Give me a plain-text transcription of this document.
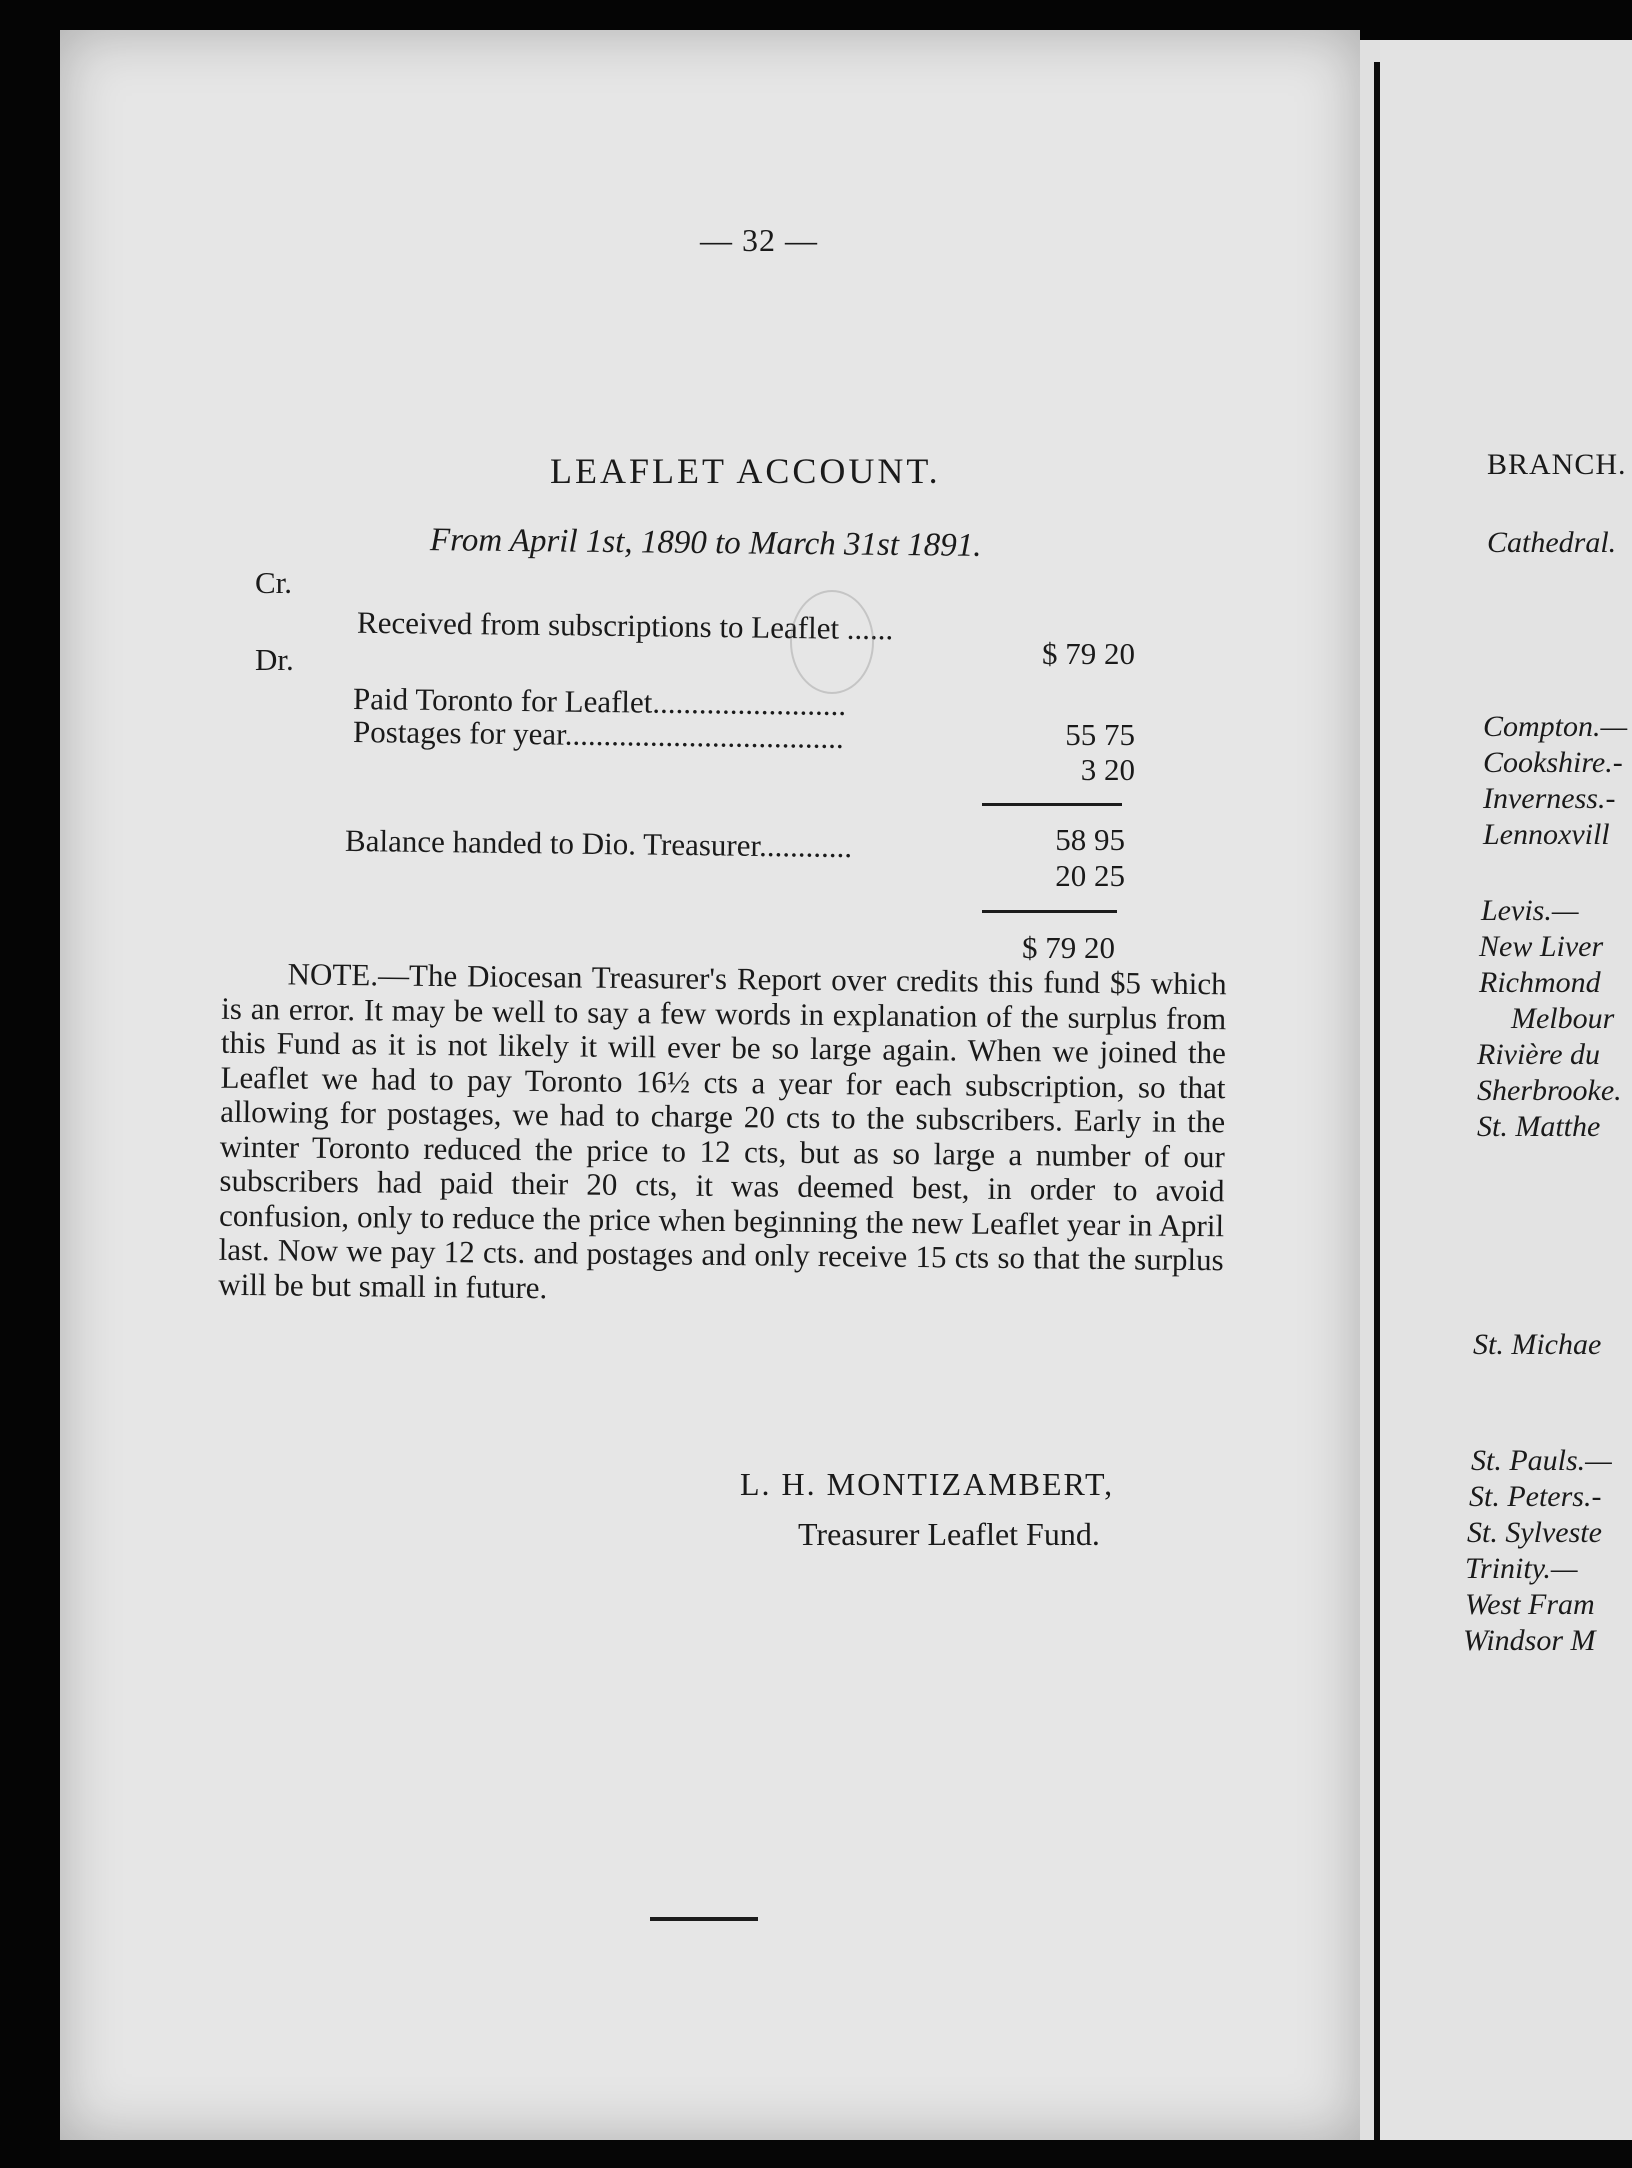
BRANCH.
Cathedral.
Compton.—
Cookshire.-
Inverness.-
Lennoxvill
Levis.—
New Liver
Richmond
Melbour
Rivière du
Sherbrooke.
St. Matthe
St. Michae
St. Pauls.—
St. Peters.-
St. Sylveste
Trinity.—
West Fram
Windsor M
— 32 —
LEAFLET ACCOUNT.
From April 1st, 1890 to March 31st 1891.
Cr.
Dr.
Received from subscriptions to Leaflet ......
Paid Toronto for Leaflet.........................
Postages for year....................................
Balance handed to Dio. Treasurer............
$ 79 20
55 75
3 20
58 95
20 25
$ 79 20
NOTE.—The Diocesan Treasurer's Report over credits this fund $5 which is an error. It may be well to say a few words in explanation of the surplus from this Fund as it is not likely it will ever be so large again. When we joined the Leaflet we had to pay Toronto 16½ cts a year for each subscription, so that allowing for postages, we had to charge 20 cts to the subscribers. Early in the winter Toronto reduced the price to 12 cts, but as so large a number of our subscribers had paid their 20 cts, it was deemed best, in order to avoid confusion, only to reduce the price when beginning the new Leaflet year in April last. Now we pay 12 cts. and postages and only receive 15 cts so that the surplus will be but small in future.
L. H. MONTIZAMBERT,
Treasurer Leaflet Fund.
